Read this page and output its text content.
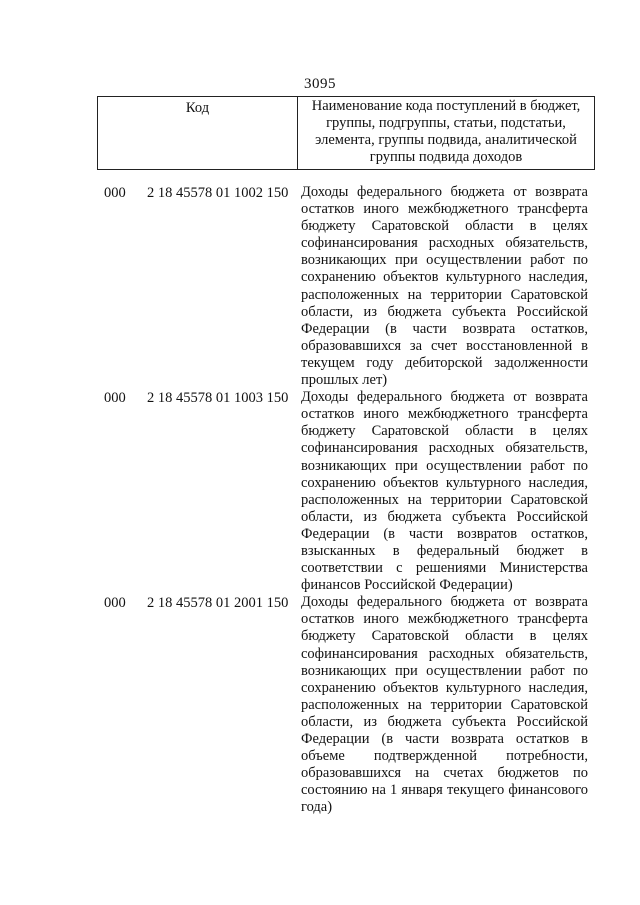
3095
Код	Наименование кода поступлений в бюджет, группы, подгруппы, статьи, подстатьи, элемента, группы подвида, аналитической группы подвида доходов
000 2 18 45578 01 1002 150 Доходы федерального бюджета от возврата остатков иного межбюджетного трансферта бюджету Саратовской области в целях софинансирования расходных обязательств, возникающих при осуществлении работ по сохранению объектов культурного наследия, расположенных на территории Саратовской области, из бюджета субъекта Российской Федерации (в части возврата остатков, образовавшихся за счет восстановленной в текущем году дебиторской задолженности прошлых лет)
000 2 18 45578 01 1003 150 Доходы федерального бюджета от возврата остатков иного межбюджетного трансферта бюджету Саратовской области в целях софинансирования расходных обязательств, возникающих при осуществлении работ по сохранению объектов культурного наследия, расположенных на территории Саратовской области, из бюджета субъекта Российской Федерации (в части возвратов остатков, взысканных в федеральный бюджет в соответствии с решениями Министерства финансов Российской Федерации)
000 2 18 45578 01 2001 150 Доходы федерального бюджета от возврата остатков иного межбюджетного трансферта бюджету Саратовской области в целях софинансирования расходных обязательств, возникающих при осуществлении работ по сохранению объектов культурного наследия, расположенных на территории Саратовской области, из бюджета субъекта Российской Федерации (в части возврата остатков в объеме подтвержденной потребности, образовавшихся на счетах бюджетов по состоянию на 1 января текущего финансового года)
